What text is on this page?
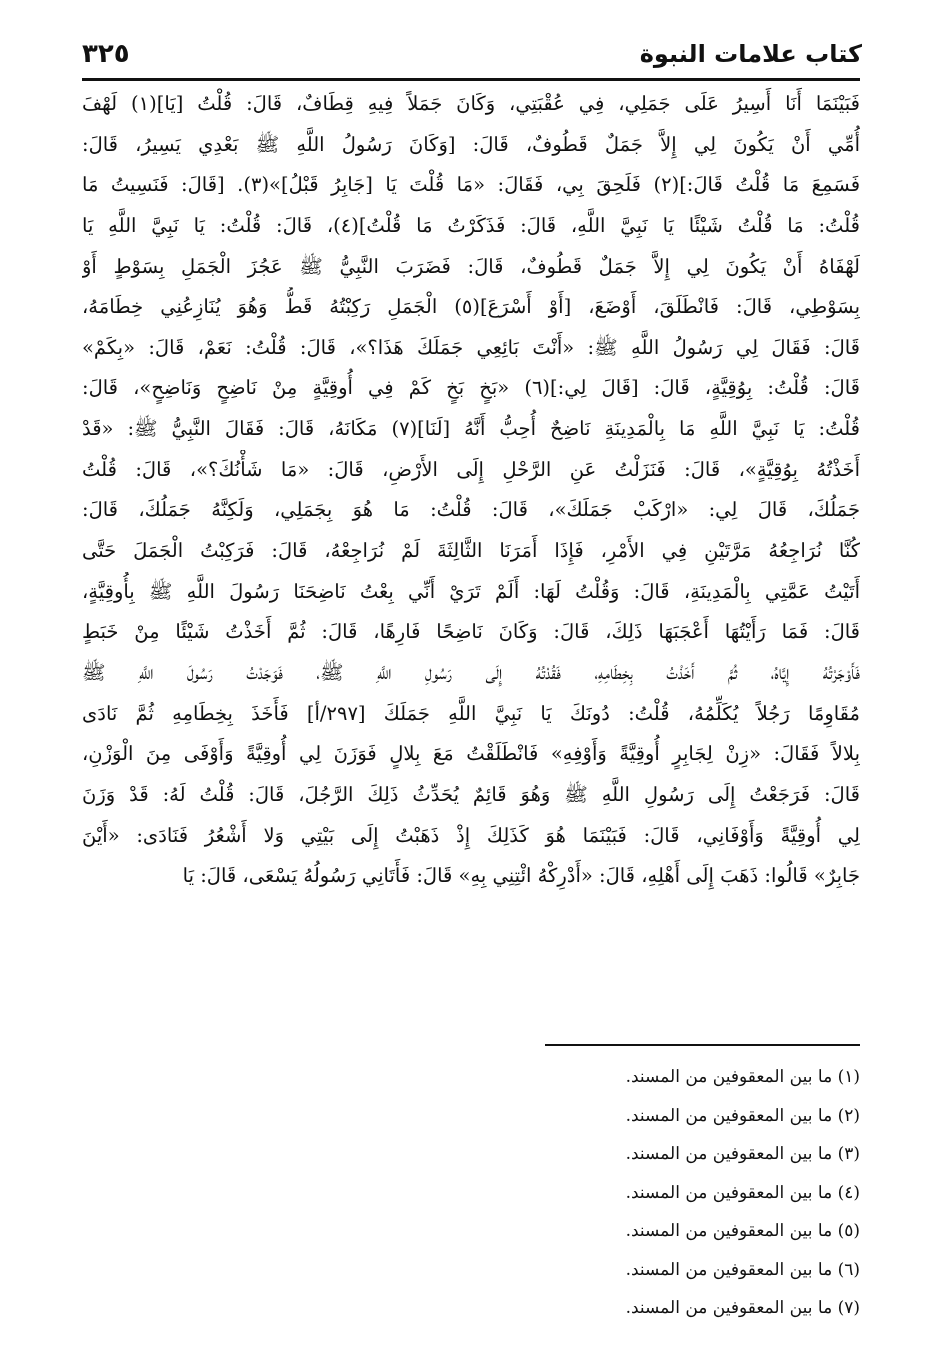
كتاب علامات النبوة
٣٢٥
فَبَيْنَمَا أَنَا أَسِيرُ عَلَى جَمَلِي، فِي عُقْبَتِي، وَكَانَ جَمَلاً فِيهِ قِطَافٌ، قَالَ: قُلْتُ [يَا](١) لَهْفَ
أُمِّي أَنْ يَكُونَ لِي إِلاَّ جَمَلٌ قَطُوفٌ، قَالَ: [وَكَانَ رَسُولُ اللَّهِ ﷺ بَعْدِي يَسِيرُ، قَالَ:
فَسَمِعَ مَا قُلْتُ قَالَ:](٢) فَلَحِقَ بِي، فَقَالَ: «مَا قُلْتَ يَا [جَابِرُ قَبْلُ]»(٣). [قَالَ: فَنَسِيتُ مَا
قُلْتُ: مَا قُلْتُ شَيْئًا يَا نَبِيَّ اللَّهِ، قَالَ: فَذَكَرْتُ مَا قُلْتُ](٤)، قَالَ: قُلْتُ: يَا نَبِيَّ اللَّهِ يَا
لَهْفَاهُ أَنْ يَكُونَ لِي إِلاَّ جَمَلٌ قَطُوفٌ، قَالَ: فَضَرَبَ النَّبِيُّ ﷺ عَجُزَ الْجَمَلِ بِسَوْطٍ أَوْ
بِسَوْطِي، قَالَ: فَانْطَلَقَ، أَوْضَعَ، [أَوْ أَسْرَعَ](٥) الْجَمَلِ رَكِبْتُهُ قَطُّ وَهُوَ يُنَازِعُنِي خِطَامَهُ،
قَالَ: فَقَالَ لِي رَسُولُ اللَّهِ ﷺ: «أَنْتَ بَائِعِي جَمَلَكَ هَذَا؟»، قَالَ: قُلْتُ: نَعَمْ، قَالَ: «بِكَمْ»
قَالَ: قُلْتُ: بِوُقِيَّةٍ، قَالَ: [قَالَ لِي:](٦) «بَخٍ بَخٍ كَمْ فِي أُوقِيَّةٍ مِنْ نَاضِحٍ وَنَاضِحٍ»، قَالَ:
قُلْتُ: يَا نَبِيَّ اللَّهِ مَا بِالْمَدِينَةِ نَاضِحٌ أُحِبُّ أَنَّهُ [لَنَا](٧) مَكَانَهُ، قَالَ: فَقَالَ النَّبِيُّ ﷺ: «قَدْ
أَخَذْتُهُ بِوُقِيَّةٍ»، قَالَ: فَنَزَلْتُ عَنِ الرَّحْلِ إِلَى الأَرْضِ، قَالَ: «مَا شَأْنُكَ؟»، قَالَ: قُلْتُ
جَمَلُكَ، قَالَ لِي: «ارْكَبْ جَمَلَكَ»، قَالَ: قُلْتُ: مَا هُوَ بِجَمَلِي، وَلَكِنَّهُ جَمَلُكَ، قَالَ:
كُنَّا نُرَاجِعُهُ مَرَّتَيْنِ فِي الأَمْرِ، فَإِذَا أَمَرَنَا الثَّالِثَةَ لَمْ نُرَاجِعْهُ، قَالَ: فَرَكِبْتُ الْجَمَلَ حَتَّى
أَتَيْتُ عَمَّتِي بِالْمَدِينَةِ، قَالَ: وَقُلْتُ لَهَا: أَلَمْ تَرَيْ أَنِّي بِعْتُ نَاضِحَنَا رَسُولَ اللَّهِ ﷺ بِأُوقِيَّةٍ،
قَالَ: فَمَا رَأَيْتُهَا أَعْجَبَهَا ذَلِكَ، قَالَ: وَكَانَ نَاضِحًا فَارِهًا، قَالَ: ثُمَّ أَخَذْتُ شَيْئًا مِنْ خَبَطٍ
فَأَوْجَرْتُهُ إِيَّاهُ، ثُمَّ أَخَذْتُ بِخِطَامِهِ، فَقُدْتُهُ إِلَى رَسُولِ اللَّهِ ﷺ، فَوَجَدْتُ رَسُولَ اللَّهِ ﷺ
مُقَاوِمًا رَجُلاً يُكَلِّمُهُ، قُلْتُ: دُونَكَ يَا نَبِيَّ اللَّهِ جَمَلَكَ [٢٩٧/أ] فَأَخَذَ بِخِطَامِهِ ثُمَّ نَادَى
بِلالاً فَقَالَ: «زِنْ لِجَابِرٍ أُوقِيَّةً وَأَوْفِهِ» فَانْطَلَقْتُ مَعَ بِلالٍ فَوَزَنَ لِي أُوقِيَّةً وَأَوْفَى مِنَ الْوَزْنِ،
قَالَ: فَرَجَعْتُ إِلَى رَسُولِ اللَّهِ ﷺ وَهُوَ قَائِمٌ يُحَدِّثُ ذَلِكَ الرَّجُلَ، قَالَ: قُلْتُ لَهُ: قَدْ وَزَنَ
لِي أُوقِيَّةً وَأَوْفَانِي، قَالَ: فَبَيْنَمَا هُوَ كَذَلِكَ إِذْ ذَهَبْتُ إِلَى بَيْتِي وَلا أَشْعُرُ فَنَادَى: «أَيْنَ
جَابِرٌ» قَالُوا: ذَهَبَ إِلَى أَهْلِهِ، قَالَ: «أَدْرِكْهُ ائْتِنِي بِهِ» قَالَ: فَأَتَانِي رَسُولُهُ يَسْعَى، قَالَ: يَا
(١) ما بين المعقوفين من المسند.
(٢) ما بين المعقوفين من المسند.
(٣) ما بين المعقوفين من المسند.
(٤) ما بين المعقوفين من المسند.
(٥) ما بين المعقوفين من المسند.
(٦) ما بين المعقوفين من المسند.
(٧) ما بين المعقوفين من المسند.
